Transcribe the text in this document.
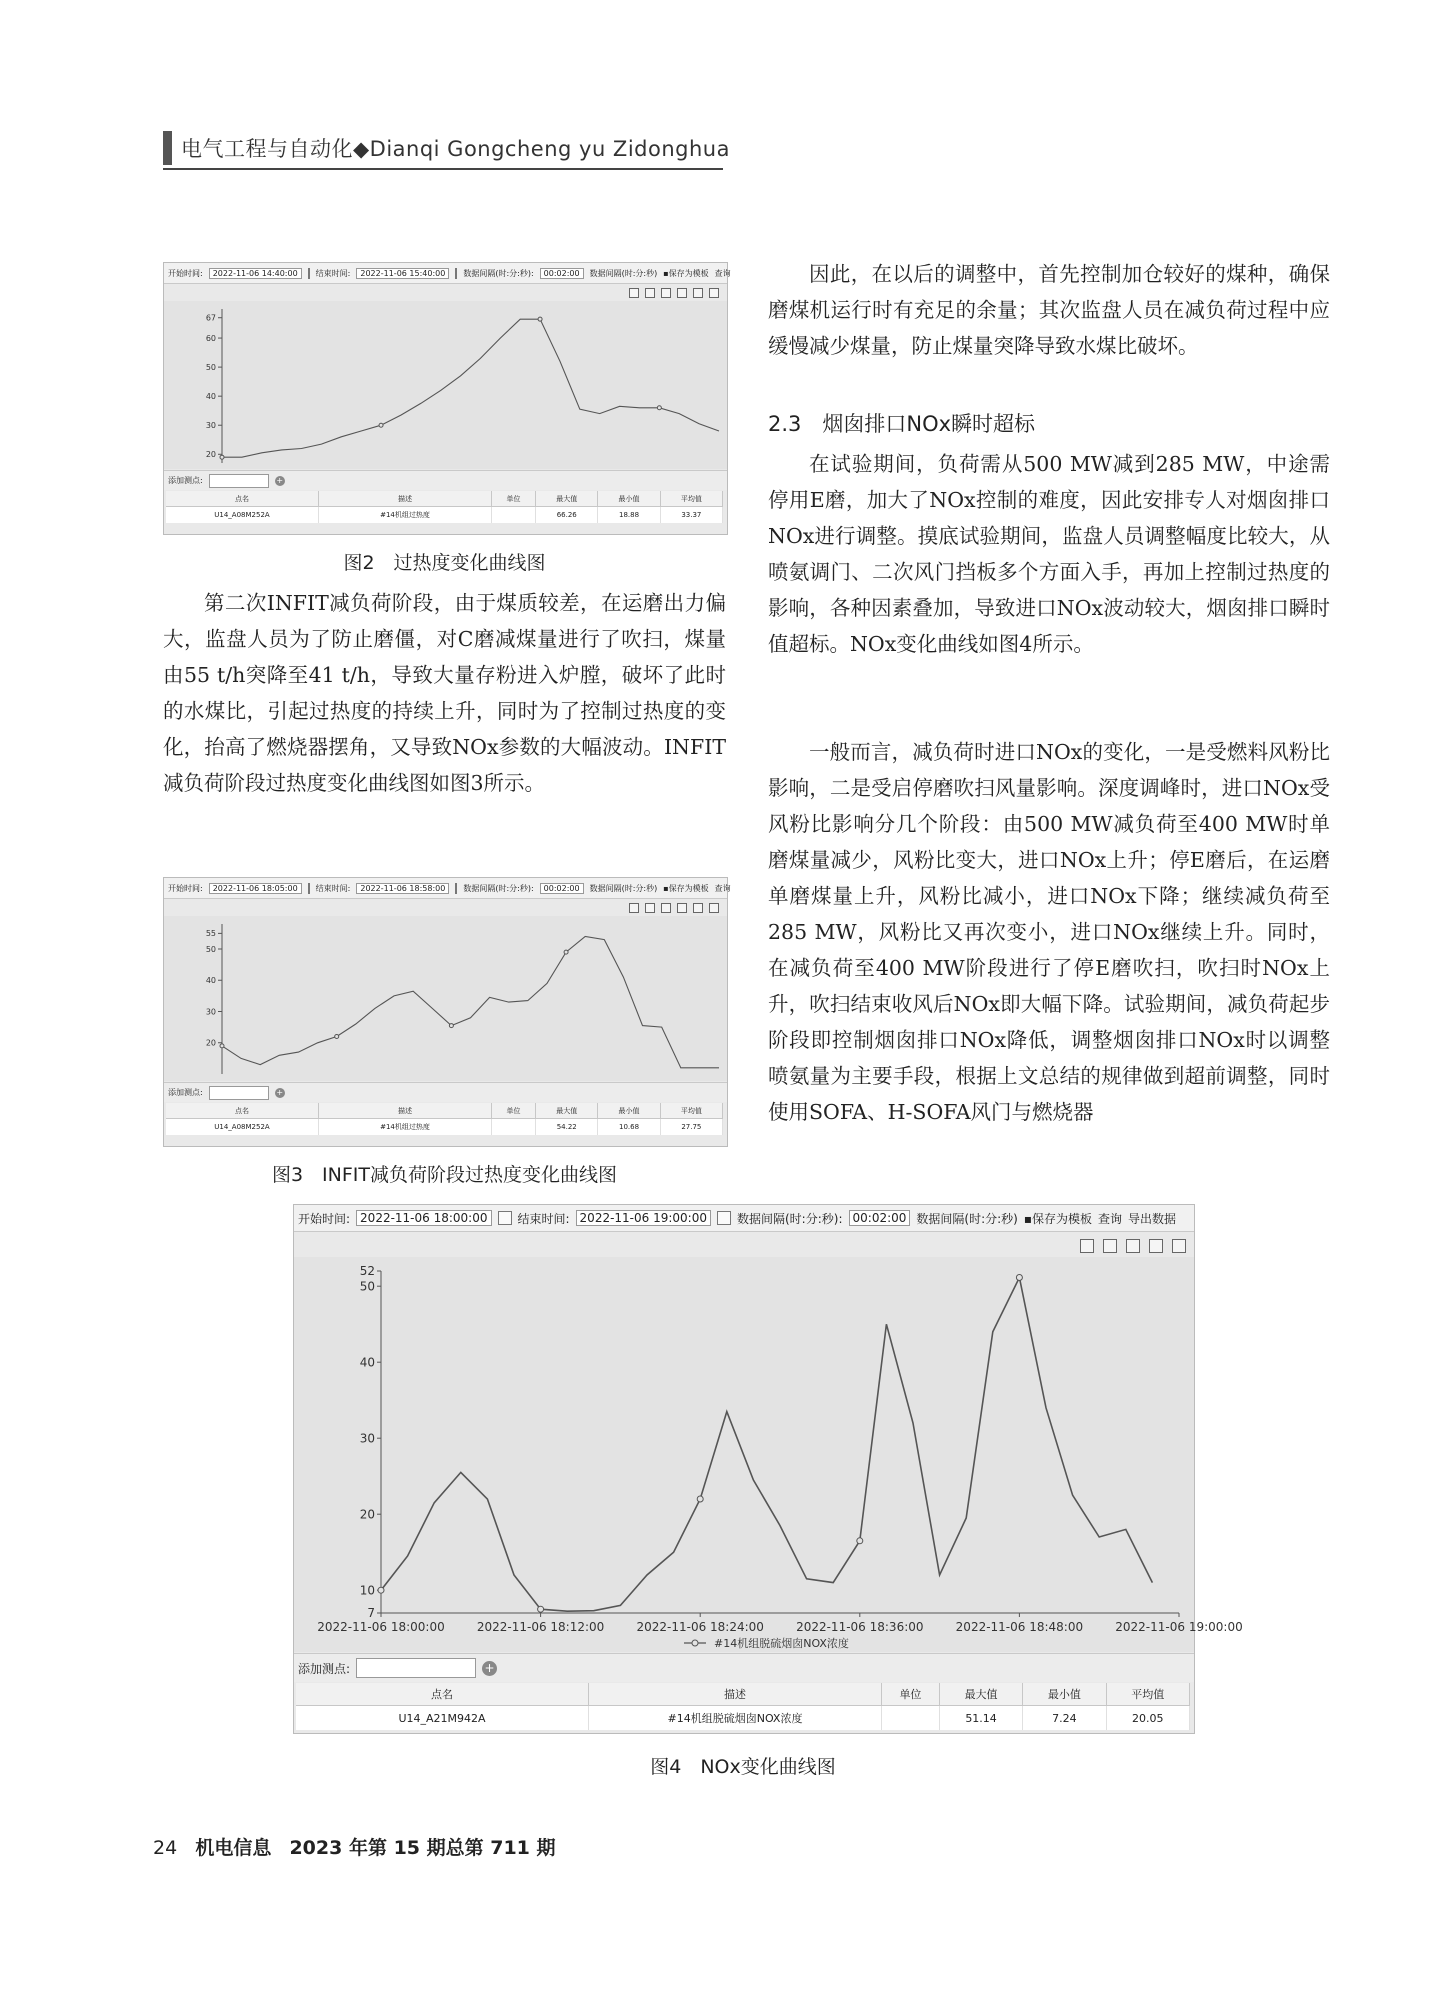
电气工程与自动化◆Dianqi Gongcheng yu Zidonghua
开始时间:	2022-11-06 14:40:00	结束时间:	2022-11-06 15:40:00	数据间隔(时:分:秒):	00:02:00	数据间隔(时:分:秒) ▪保存为模板 查询
20
30
40
50
60
67
添加测点:	+
点名	描述	单位	最大值	最小值	平均值
U14_A08M252A	#14机组过热度		66.26	18.88	33.37
图2　过热度变化曲线图

第二次INFIT减负荷阶段，由于煤质较差，在运磨出力偏大，监盘人员为了防止磨僵，对C磨减煤量进行了吹扫，煤量由55 t/h突降至41 t/h，导致大量存粉进入炉膛，破坏了此时的水煤比，引起过热度的持续上升，同时为了控制过热度的变化，抬高了燃烧器摆角，又导致NOx参数的大幅波动。INFIT减负荷阶段过热度变化曲线图如图3所示。

开始时间:	2022-11-06 18:05:00	结束时间:	2022-11-06 18:58:00	数据间隔(时:分:秒):	00:02:00	数据间隔(时:分:秒) ▪保存为模板 查询
20
30
40
50
55
添加测点:	+
点名	描述	单位	最大值	最小值	平均值
U14_A08M252A	#14机组过热度		54.22	10.68	27.75
图3　INFIT减负荷阶段过热度变化曲线图

因此，在以后的调整中，首先控制加仓较好的煤种，确保磨煤机运行时有充足的余量；其次监盘人员在减负荷过程中应缓慢减少煤量，防止煤量突降导致水煤比破坏。

2.3　烟囱排口NOx瞬时超标

在试验期间，负荷需从500 MW减到285 MW，中途需停用E磨，加大了NOx控制的难度，因此安排专人对烟囱排口NOx进行调整。摸底试验期间，监盘人员调整幅度比较大，从喷氨调门、二次风门挡板多个方面入手，再加上控制过热度的影响，各种因素叠加，导致进口NOx波动较大，烟囱排口瞬时值超标。NOx变化曲线如图4所示。

一般而言，减负荷时进口NOx的变化，一是受燃料风粉比影响，二是受启停磨吹扫风量影响。深度调峰时，进口NOx受风粉比影响分几个阶段：由500 MW减负荷至400 MW时单磨煤量减少，风粉比变大，进口NOx上升；停E磨后，在运磨单磨煤量上升，风粉比减小，进口NOx下降；继续减负荷至285 MW，风粉比又再次变小，进口NOx继续上升。同时，在减负荷至400 MW阶段进行了停E磨吹扫，吹扫时NOx上升，吹扫结束收风后NOx即大幅下降。试验期间，减负荷起步阶段即控制烟囱排口NOx降低，调整烟囱排口NOx时以调整喷氨量为主要手段，根据上文总结的规律做到超前调整，同时使用SOFA、H-SOFA风门与燃烧器

开始时间: 2022-11-06 18:00:00	结束时间: 2022-11-06 19:00:00	数据间隔(时:分:秒): 00:02:00 数据间隔(时:分:秒) ▪保存为模板 查询 导出数据
7
10
20
30
40
50
52
2022-11-06 18:00:00	2022-11-06 18:12:00	2022-11-06 18:24:00	2022-11-06 18:36:00	2022-11-06 18:48:00	2022-11-06 19:00:00
#14机组脱硫烟囱NOX浓度
添加测点:	+
点名	描述	单位	最大值	最小值	平均值
U14_A21M942A	#14机组脱硫烟囱NOX浓度		51.14	7.24	20.05
图4　NOx变化曲线图
24 机电信息 2023 年第 15 期总第 711 期
